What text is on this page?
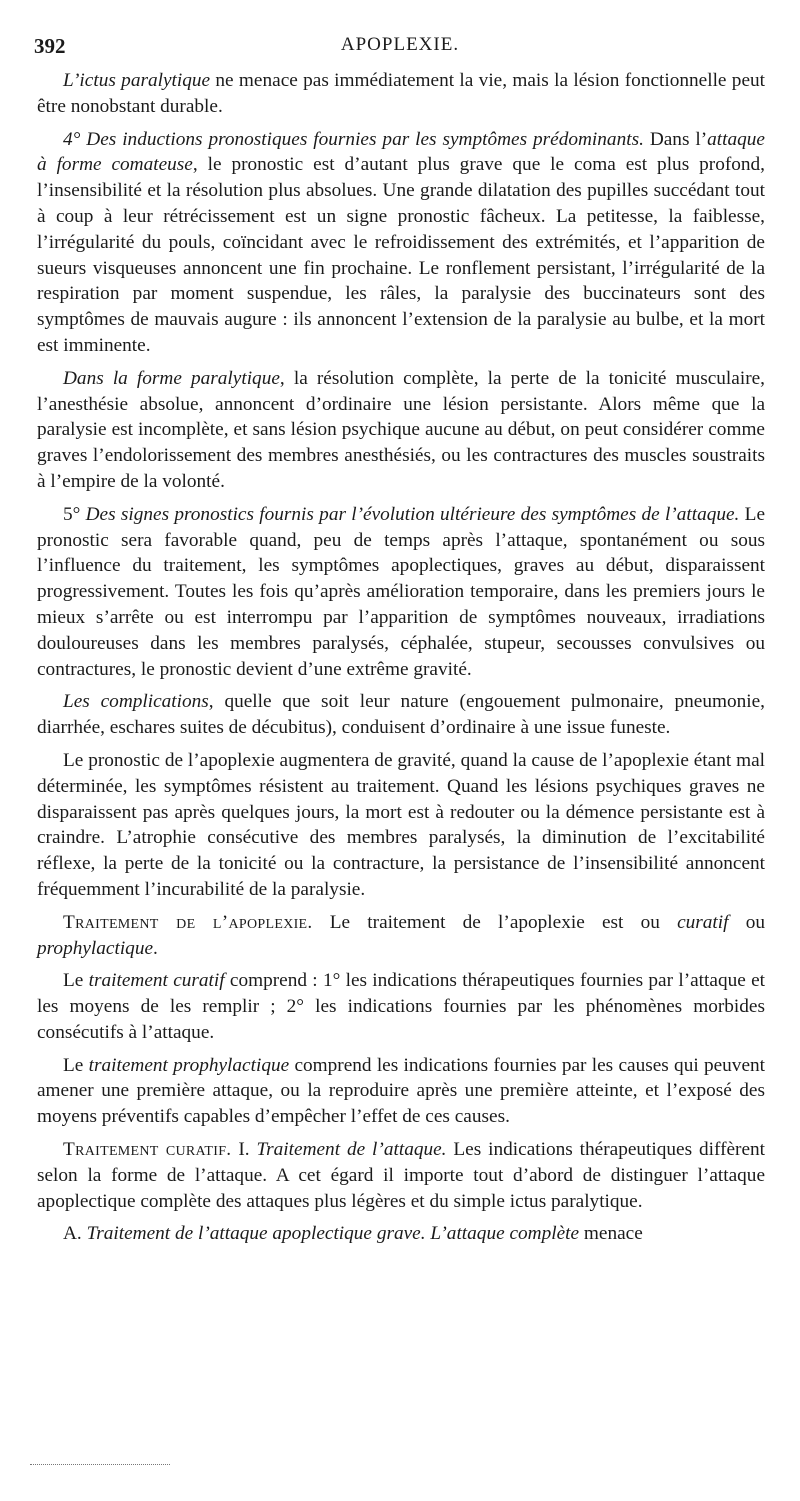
392	APOPLEXIE.

L’ictus paralytique ne menace pas immédiatement la vie, mais la lésion fonctionnelle peut être nonobstant durable.

4° Des inductions pronostiques fournies par les symptômes prédominants. Dans l’attaque à forme comateuse, le pronostic est d’autant plus grave que le coma est plus profond, l’insensibilité et la résolution plus absolues. Une grande dilatation des pupilles succédant tout à coup à leur rétrécissement est un signe pronostic fâcheux. La petitesse, la faiblesse, l’irrégularité du pouls, coïncidant avec le refroidissement des extrémités, et l’apparition de sueurs visqueuses annoncent une fin prochaine. Le ronflement persistant, l’irrégularité de la respiration par moment suspendue, les râles, la paralysie des buccinateurs sont des symptômes de mauvais augure : ils annoncent l’extension de la paralysie au bulbe, et la mort est imminente.

Dans la forme paralytique, la résolution complète, la perte de la tonicité musculaire, l’anesthésie absolue, annoncent d’ordinaire une lésion persistante. Alors même que la paralysie est incomplète, et sans lésion psychique aucune au début, on peut considérer comme graves l’endolorissement des membres anesthésiés, ou les contractures des muscles soustraits à l’empire de la volonté.

5° Des signes pronostics fournis par l’évolution ultérieure des symptômes de l’attaque. Le pronostic sera favorable quand, peu de temps après l’attaque, spontanément ou sous l’influence du traitement, les symptômes apoplectiques, graves au début, disparaissent progressivement. Toutes les fois qu’après amélioration temporaire, dans les premiers jours le mieux s’arrête ou est interrompu par l’apparition de symptômes nouveaux, irradiations douloureuses dans les membres paralysés, céphalée, stupeur, secousses convulsives ou contractures, le pronostic devient d’une extrême gravité.

Les complications, quelle que soit leur nature (engouement pulmonaire, pneumonie, diarrhée, eschares suites de décubitus), conduisent d’ordinaire à une issue funeste.

Le pronostic de l’apoplexie augmentera de gravité, quand la cause de l’apoplexie étant mal déterminée, les symptômes résistent au traitement. Quand les lésions psychiques graves ne disparaissent pas après quelques jours, la mort est à redouter ou la démence persistante est à craindre. L’atrophie consécutive des membres paralysés, la diminution de l’excitabilité réflexe, la perte de la tonicité ou la contracture, la persistance de l’insensibilité annoncent fréquemment l’incurabilité de la paralysie.

Traitement de l’apoplexie. Le traitement de l’apoplexie est ou curatif ou prophylactique.

Le traitement curatif comprend : 1° les indications thérapeutiques fournies par l’attaque et les moyens de les remplir ; 2° les indications fournies par les phénomènes morbides consécutifs à l’attaque.

Le traitement prophylactique comprend les indications fournies par les causes qui peuvent amener une première attaque, ou la reproduire après une première atteinte, et l’exposé des moyens préventifs capables d’empêcher l’effet de ces causes.

Traitement curatif. I. Traitement de l’attaque. Les indications thérapeutiques diffèrent selon la forme de l’attaque. A cet égard il importe tout d’abord de distinguer l’attaque apoplectique complète des attaques plus légères et du simple ictus paralytique.

A. Traitement de l’attaque apoplectique grave. L’attaque complète menace
